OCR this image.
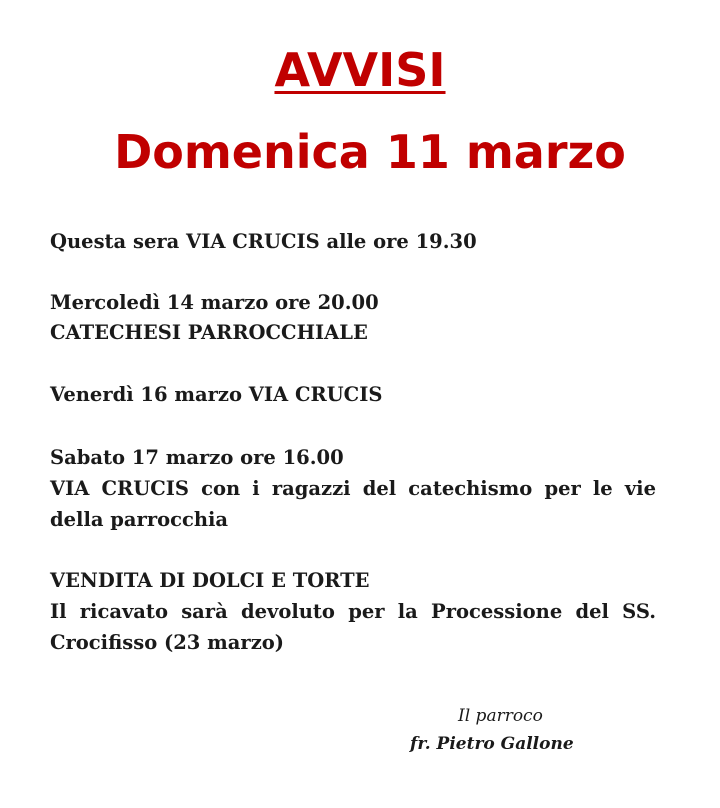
AVVISI
Domenica 11 marzo
Questa sera VIA CRUCIS alle ore 19.30
Mercoledì 14 marzo ore 20.00
CATECHESI PARROCCHIALE
Venerdì 16 marzo VIA CRUCIS
Sabato 17 marzo ore 16.00
VIA CRUCIS con i ragazzi del catechismo per le vie
della parrocchia
VENDITA DI DOLCI E TORTE
Il ricavato sarà devoluto per la Processione del SS.
Crocifisso (23 marzo)
Il parroco
fr. Pietro Gallone
